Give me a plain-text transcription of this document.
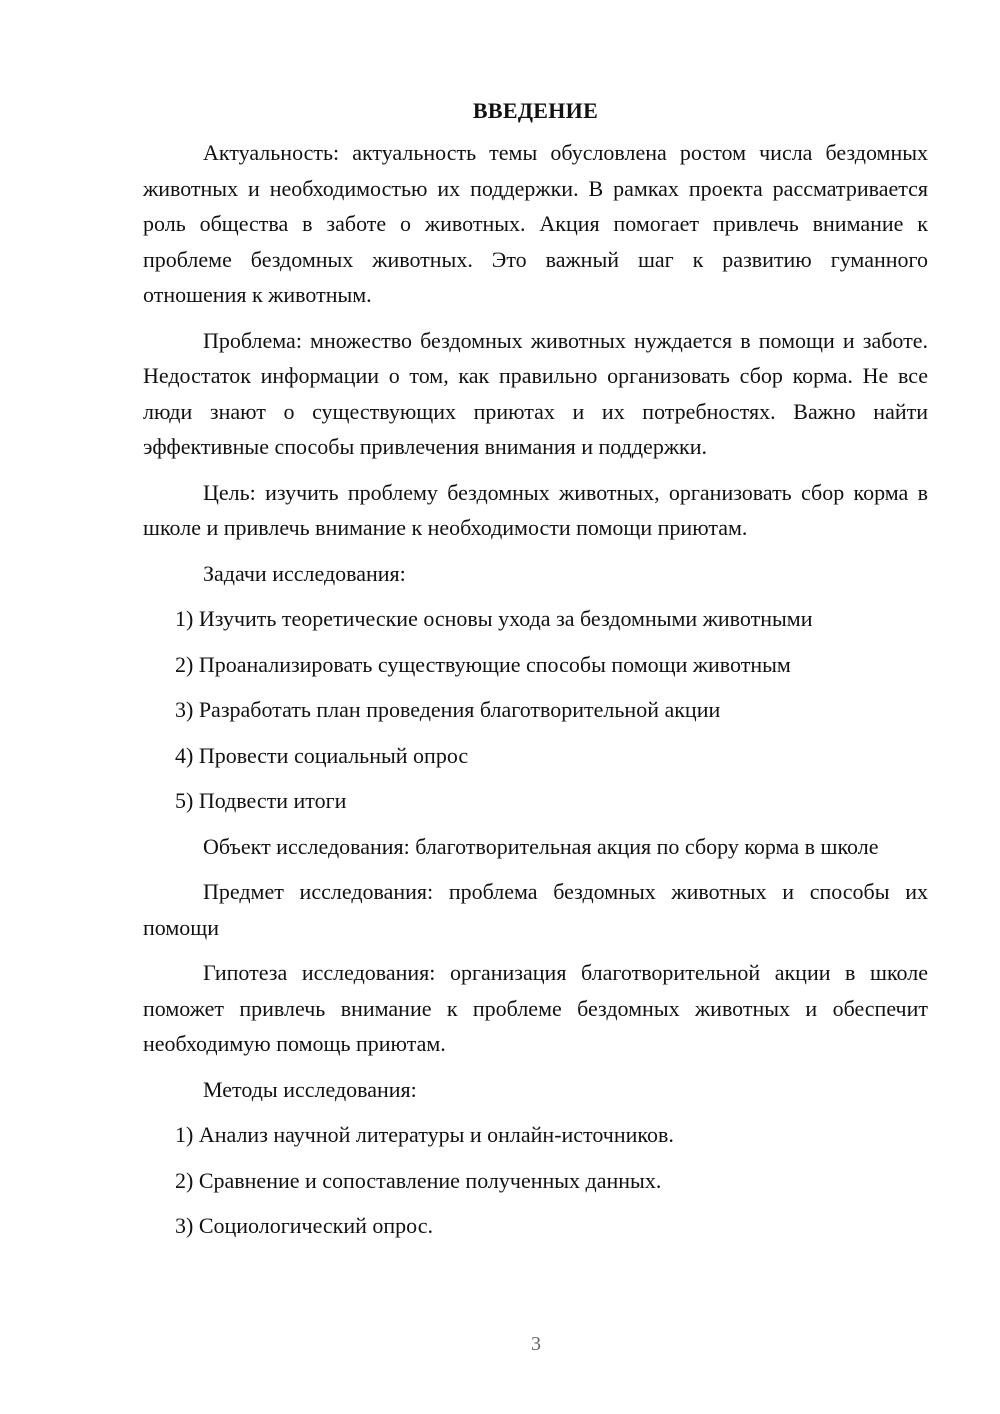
ВВЕДЕНИЕ

Актуальность: актуальность темы обусловлена ростом числа бездомных животных и необходимостью их поддержки. В рамках проекта рассматривается роль общества в заботе о животных. Акция помогает привлечь внимание к проблеме бездомных животных. Это важный шаг к развитию гуманного отношения к животным.

Проблема: множество бездомных животных нуждается в помощи и заботе. Недостаток информации о том, как правильно организовать сбор корма. Не все люди знают о существующих приютах и их потребностях. Важно найти эффективные способы привлечения внимания и поддержки.

Цель: изучить проблему бездомных животных, организовать сбор корма в школе и привлечь внимание к необходимости помощи приютам.

Задачи исследования:

1) Изучить теоретические основы ухода за бездомными животными
2) Проанализировать существующие способы помощи животным
3) Разработать план проведения благотворительной акции
4) Провести социальный опрос
5) Подвести итоги

Объект исследования: благотворительная акция по сбору корма в школе

Предмет исследования: проблема бездомных животных и способы их помощи

Гипотеза исследования: организация благотворительной акции в школе поможет привлечь внимание к проблеме бездомных животных и обеспечит необходимую помощь приютам.

Методы исследования:

1) Анализ научной литературы и онлайн-источников.
2) Сравнение и сопоставление полученных данных.
3) Социологический опрос.
3
